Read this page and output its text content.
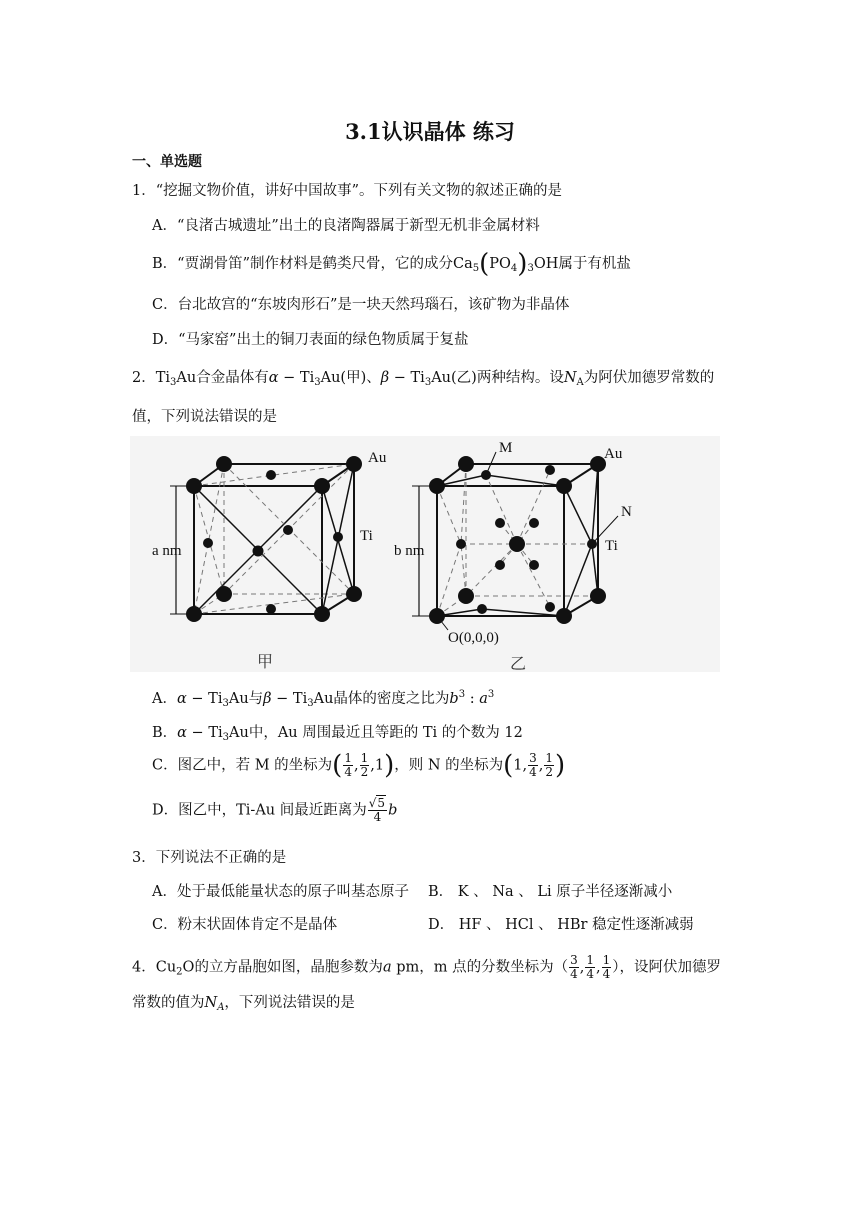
3.1认识晶体 练习
一、单选题
1．“挖掘文物价值，讲好中国故事”。下列有关文物的叙述正确的是
A．“良渚古城遗址”出土的良渚陶器属于新型无机非金属材料
B．“贾湖骨笛”制作材料是鹤类尺骨，它的成分$Ca_5(PO_4)_3OH$属于有机盐
C．台北故宫的“东坡肉形石”是一块天然玛瑙石，该矿物为非晶体
D．“马家窑”出土的铜刀表面的绿色物质属于复盐
2．$Ti_3Au$合金晶体有$\alpha - Ti_3Au$(甲)、$\beta - Ti_3Au$(乙)两种结构。设$N_A$为阿伏加德罗常数的
值，下列说法错误的是
Au
Ti
a nm
甲
M	Au
N
Ti
b nm
O(0,0,0)
乙
A．$\alpha - Ti_3Au$与$\beta - Ti_3Au$晶体的密度之比为$b^3$ : $a^3$
B．$\alpha - Ti_3Au$中，Au 周围最近且等距的 Ti 的个数为 12
C．图乙中，若 M 的坐标为( $\frac{1}{4}$ , $\frac{1}{2} ,1$)，则 N 的坐标为(1, $\frac{3}{4}$ , $\frac{1}{2}$ )
D．图乙中，Ti-Au 间最近距离为 $\frac{√5}{4}$ b
3．下列说法不正确的是
A．处于最低能量状态的原子叫基态原子 B． K 、 Na 、 Li 原子半径逐渐减小
C．粉末状固体肯定不是晶体	D． HF 、 HCl 、 HBr 稳定性逐渐减弱
4．$Cu_2O$的立方晶胞如图，晶胞参数为a pm，m 点的分数坐标为（ $\frac{3}{4}$ , $\frac{1}{4}$ , $\frac{1}{4}$ ），设阿伏加德罗
常数的值为$N_A$，下列说法错误的是
